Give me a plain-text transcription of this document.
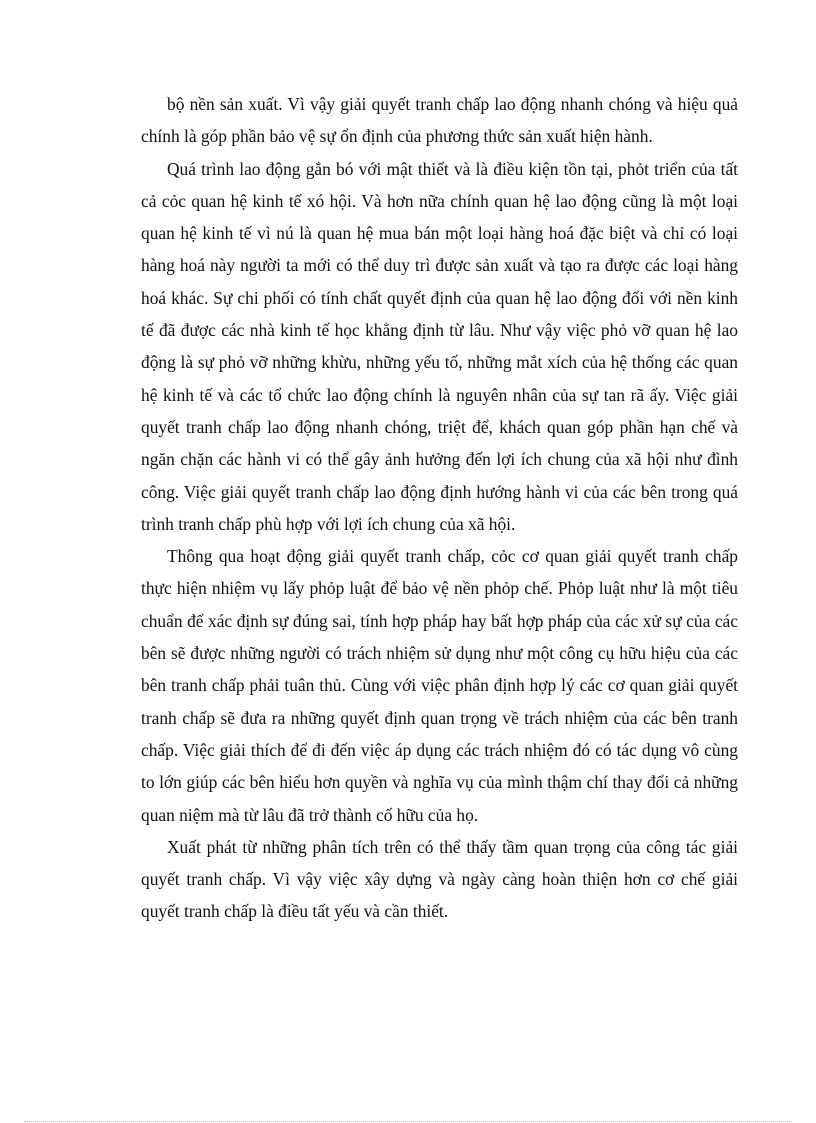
bộ nền sản xuất. Vì vậy giải quyết tranh chấp lao động nhanh chóng và hiệu quả chính là góp phần bảo vệ sự ổn định của phương thức sản xuất hiện hành.

Quá trình lao động gắn bó với mật thiết và là điều kiện tồn tại, phỏt triển của tất cả cỏc quan hệ kinh tế xó hội. Và hơn nữa chính quan hệ lao động cũng là một loại quan hệ kinh tế vì nú là quan hệ mua bán một loại hàng hoá đặc biệt và chỉ có loại hàng hoá này người ta mới có thể duy trì được sản xuất và tạo ra được các loại hàng hoá khác. Sự chi phối có tính chất quyết định của quan hệ lao động đối với nền kinh tế đã được các nhà kinh tế học khẳng định từ lâu. Như vậy việc phỏ vỡ quan hệ lao động là sự phỏ vỡ những khừu, những yếu tố, những mắt xích của hệ thống các quan hệ kinh tế và các tổ chức lao động chính là nguyên nhân của sự tan rã ấy. Việc giải quyết tranh chấp lao động nhanh chóng, triệt để, khách quan góp phần hạn chế và ngăn chặn các hành vi có thể gây ảnh hưởng đến lợi ích chung của xã hội như đình công. Việc giải quyết tranh chấp lao động định hướng hành vi của các bên trong quá trình tranh chấp phù hợp với lợi ích chung của xã hội.

Thông qua hoạt động giải quyết tranh chấp, cỏc cơ quan giải quyết tranh chấp thực hiện nhiệm vụ lấy phỏp luật để bảo vệ nền phỏp chế. Phỏp luật như là một tiêu chuẩn để xác định sự đúng sai, tính hợp pháp hay bất hợp pháp của các xử sự của các bên sẽ được những người có trách nhiệm sử dụng như một công cụ hữu hiệu của các bên tranh chấp phải tuân thủ. Cùng với việc phân định hợp lý các cơ quan giải quyết tranh chấp sẽ đưa ra những quyết định quan trọng về trách nhiệm của các bên tranh chấp. Việc giải thích để đi đến việc áp dụng các trách nhiệm đó có tác dụng vô cùng to lớn giúp các bên hiểu hơn quyền và nghĩa vụ của mình thậm chí thay đổi cả những quan niệm mà từ lâu đã trở thành cố hữu của họ.

Xuất phát từ những phân tích trên có thể thấy tầm quan trọng của công tác giải quyết tranh chấp. Vì vậy việc xây dựng và ngày càng hoàn thiện hơn cơ chế giải quyết tranh chấp là điều tất yếu và cần thiết.
